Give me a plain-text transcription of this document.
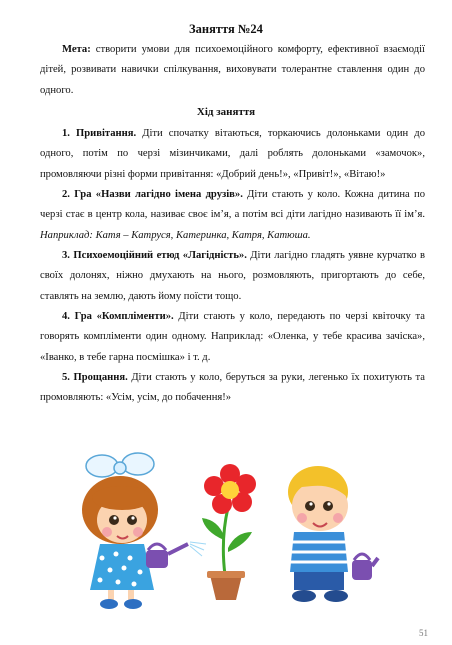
Заняття №24

Мета: створити умови для психоемоційного комфорту, ефективної взаємодії дітей, розвивати навички спілкування, виховувати толерантне ставлення один до одного.

Хід заняття

1. Привітання. Діти спочатку вітаються, торкаючись долоньками один до одного, потім по черзі мізинчиками, далі роблять долоньками «замочок», промовляючи різні форми привітання: «Добрий день!», «Привіт!», «Вітаю!»

2. Гра «Назви лагідно імена друзів». Діти стають у коло. Кожна дитина по черзі стає в центр кола, називає своє ім’я, а потім всі діти лагідно називають її ім’я. Наприклад: Катя – Катруся, Катеринка, Катря, Катюша.

3. Психоемоційний етюд «Лагідність». Діти лагідно гладять уявне курчатко в своїх долонях, ніжно дмухають на нього, розмовляють, пригортають до себе, ставлять на землю, дають йому поїсти тощо.

4. Гра «Компліменти». Діти стають у коло, передають по черзі квіточку та говорять компліменти один одному. Наприклад: «Оленка, у тебе красива зачіска», «Іванко, в тебе гарна посмішка» і т. д.

5. Прощання. Діти стають у коло, беруться за руки, легенько їх похитують та промовляють: «Усім, усім, до побачення!»

51
